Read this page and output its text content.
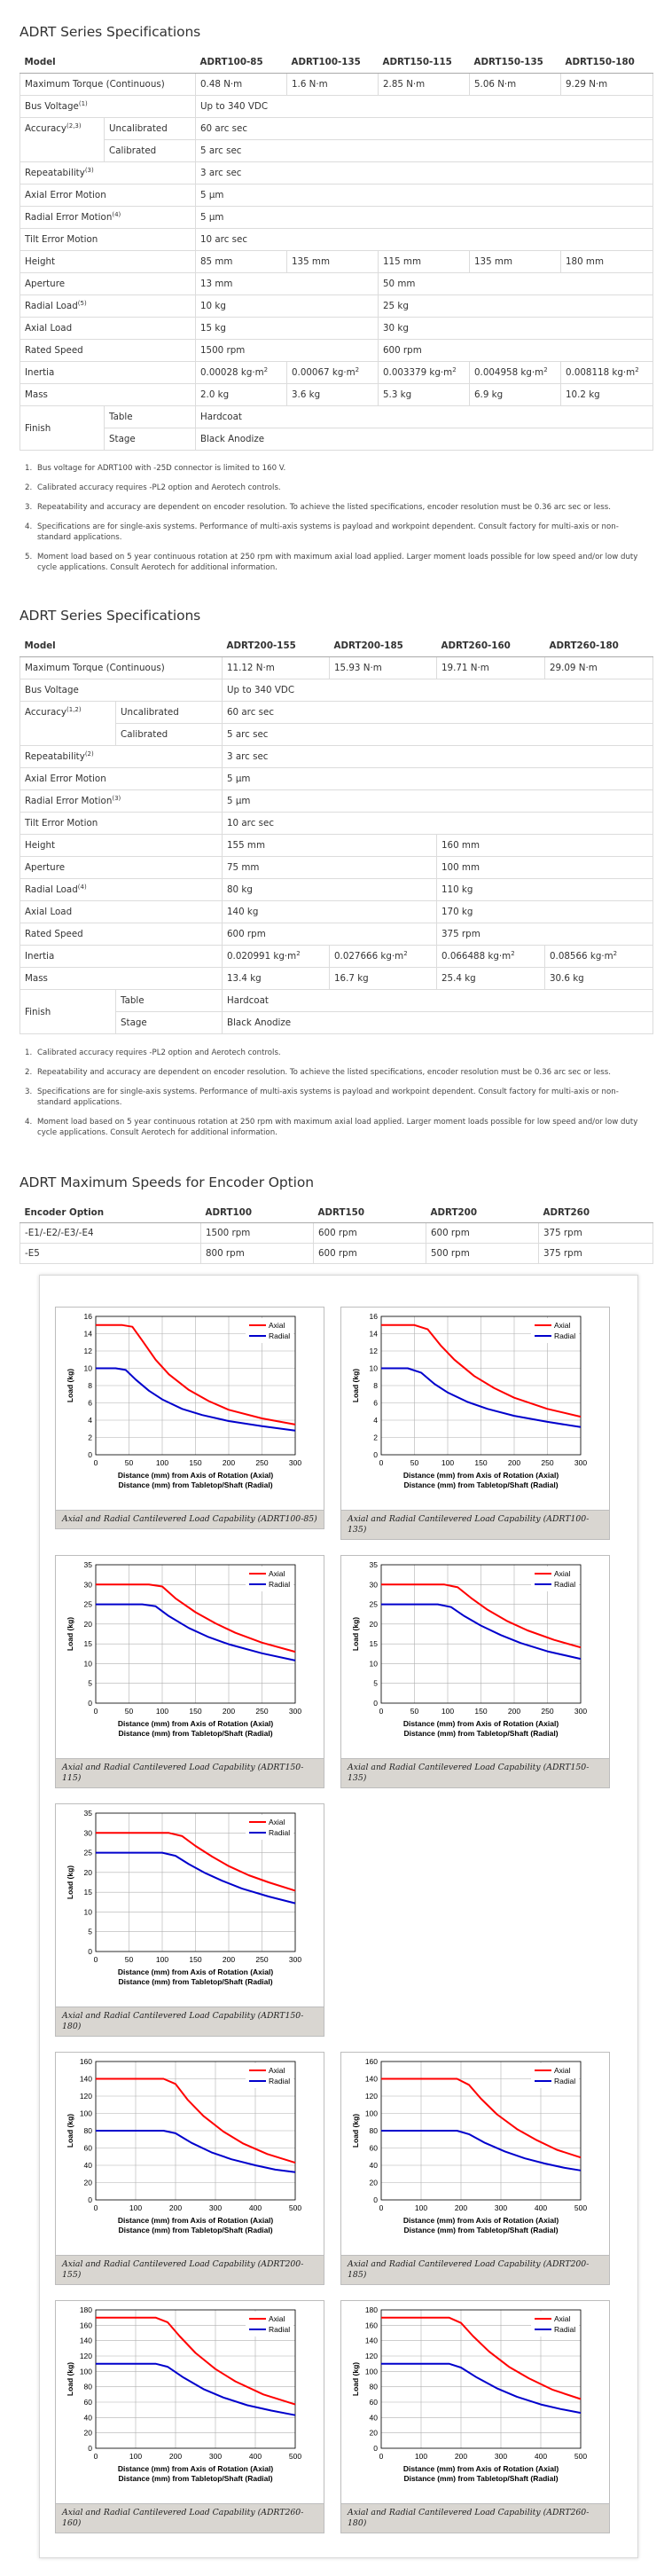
ADRT Series Specifications
Model		ADRT100-85	ADRT100-135	ADRT150-115	ADRT150-135	ADRT150-180
Maximum Torque (Continuous)		0.48 N·m	1.6 N·m	2.85 N·m	5.06 N·m	9.29 N·m
Bus Voltage$^{(1)}$		Up to 340 VDC				
Accuracy$^{(2,3)}$	Uncalibrated	60 arc sec				
	Calibrated	5 arc sec				
Repeatability$^{(3)}$		3 arc sec				
Axial Error Motion		5 µm				
Radial Error Motion$^{(4)}$		5 µm				
Tilt Error Motion		10 arc sec				
Height		85 mm	135 mm	115 mm	135 mm	180 mm
Aperture		13 mm		50 mm		
Radial Load$^{(5)}$		10 kg		25 kg		
Axial Load		15 kg		30 kg		
Rated Speed		1500 rpm		600 rpm		
Inertia		0.00028 $kg\cdot m^2$	0.00067 $kg\cdot m^2$	0.003379 $kg\cdot m^2$	0.004958 $kg\cdot m^2$	0.008118 $kg\cdot m^2$
Mass		2.0 kg	3.6 kg	5.3 kg	6.9 kg	10.2 kg
Finish	Table	Hardcoat				
	Stage	Black Anodize				
1. Bus voltage for ADRT100 with -25D connector is limited to 160 V.
2. Calibrated accuracy requires -PL2 option and Aerotech controls.
3. Repeatability and accuracy are dependent on encoder resolution. To achieve the listed specifications, encoder resolution must be 0.36 arc sec or less.
4. Specifications are for single-axis systems. Performance of multi-axis systems is payload and workpoint dependent. Consult factory for multi-axis or non-standard applications.
5. Moment load based on 5 year continuous rotation at 250 rpm with maximum axial load applied. Larger moment loads possible for low speed and/or low duty cycle applications. Consult Aerotech for additional information.
ADRT Series Specifications
Model		ADRT200-155	ADRT200-185	ADRT260-160	ADRT260-180
Maximum Torque (Continuous)		11.12 N·m	15.93 N·m	19.71 N·m	29.09 N·m
Bus Voltage		Up to 340 VDC			
Accuracy$^{(1,2)}$	Uncalibrated	60 arc sec			
	Calibrated	5 arc sec			
Repeatability$^{(2)}$		3 arc sec			
Axial Error Motion		5 µm			
Radial Error Motion$^{(3)}$		5 µm			
Tilt Error Motion		10 arc sec			
Height		155 mm		160 mm	
Aperture		75 mm		100 mm	
Radial Load$^{(4)}$		80 kg		110 kg	
Axial Load		140 kg		170 kg	
Rated Speed		600 rpm		375 rpm	
Inertia		0.020991 $kg\cdot m^2$	0.027666 $kg\cdot m^2$	0.066488 $kg\cdot m^2$	0.08566 $kg\cdot m^2$
Mass		13.4 kg	16.7 kg	25.4 kg	30.6 kg
Finish	Table	Hardcoat			
	Stage	Black Anodize			
1. Calibrated accuracy requires -PL2 option and Aerotech controls.
2. Repeatability and accuracy are dependent on encoder resolution. To achieve the listed specifications, encoder resolution must be 0.36 arc sec or less.
3. Specifications are for single-axis systems. Performance of multi-axis systems is payload and workpoint dependent. Consult factory for multi-axis or non-standard applications.
4. Moment load based on 5 year continuous rotation at 250 rpm with maximum axial load applied. Larger moment loads possible for low speed and/or low duty cycle applications. Consult Aerotech for additional information.
ADRT Maximum Speeds for Encoder Option
Encoder Option	ADRT100	ADRT150	ADRT200	ADRT260
-E1/-E2/-E3/-E4	1500 rpm	600 rpm	600 rpm	375 rpm
-E5	800 rpm	600 rpm	500 rpm	375 rpm
0
2
4
6
8
10
12
14
16
0	50	100	150	200	250	300
Axial
Radial
Load (kg)
Distance (mm) from Axis of Rotation (Axial)
Distance (mm) from Tabletop/Shaft (Radial)
Axial and Radial Cantilevered Load Capability (ADRT100-85)
0
2
4
6
8
10
12
14
16
0	50	100	150	200	250	300
Axial
Radial
Load (kg)
Distance (mm) from Axis of Rotation (Axial)
Distance (mm) from Tabletop/Shaft (Radial)
Axial and Radial Cantilevered Load Capability (ADRT100-135)
0
5
10
15
20
25
30
35
0	50	100	150	200	250	300
Axial
Radial
Load (kg)
Distance (mm) from Axis of Rotation (Axial)
Distance (mm) from Tabletop/Shaft (Radial)
Axial and Radial Cantilevered Load Capability (ADRT150-115)
0
5
10
15
20
25
30
35
0	50	100	150	200	250	300
Axial
Radial
Load (kg)
Distance (mm) from Axis of Rotation (Axial)
Distance (mm) from Tabletop/Shaft (Radial)
Axial and Radial Cantilevered Load Capability (ADRT150-135)
0
5
10
15
20
25
30
35
0	50	100	150	200	250	300
Axial
Radial
Load (kg)
Distance (mm) from Axis of Rotation (Axial)
Distance (mm) from Tabletop/Shaft (Radial)
Axial and Radial Cantilevered Load Capability (ADRT150-180)
0
20
40
60
80
100
120
140
160
0	100	200	300	400	500
Axial
Radial
Load (kg)
Distance (mm) from Axis of Rotation (Axial)
Distance (mm) from Tabletop/Shaft (Radial)
Axial and Radial Cantilevered Load Capability (ADRT200-155)
0
20
40
60
80
100
120
140
160
0	100	200	300	400	500
Axial
Radial
Load (kg)
Distance (mm) from Axis of Rotation (Axial)
Distance (mm) from Tabletop/Shaft (Radial)
Axial and Radial Cantilevered Load Capability (ADRT200-185)
0
20
40
60
80
100
120
140
160
180
0	100	200	300	400	500
Axial
Radial
Load (kg)
Distance (mm) from Axis of Rotation (Axial)
Distance (mm) from Tabletop/Shaft (Radial)
Axial and Radial Cantilevered Load Capability (ADRT260-160)
0
20
40
60
80
100
120
140
160
180
0	100	200	300	400	500
Axial
Radial
Load (kg)
Distance (mm) from Axis of Rotation (Axial)
Distance (mm) from Tabletop/Shaft (Radial)
Axial and Radial Cantilevered Load Capability (ADRT260-180)
